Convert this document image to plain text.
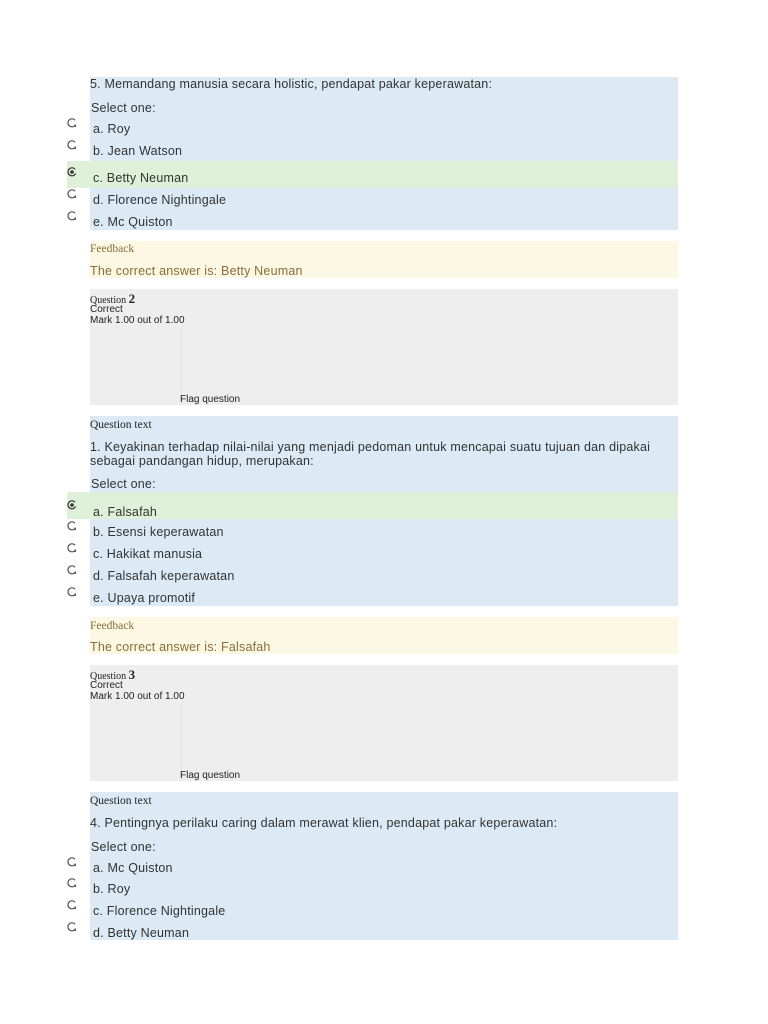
5. Memandang manusia secara holistic, pendapat pakar keperawatan:
Select one:
a. Roy
b. Jean Watson
c. Betty Neuman
d. Florence Nightingale
e. Mc Quiston
Feedback
The correct answer is: Betty Neuman
Question 2
Correct
Mark 1.00 out of 1.00
Flag question
Question text
1. Keyakinan terhadap nilai-nilai yang menjadi pedoman untuk mencapai suatu tujuan dan dipakai
sebagai pandangan hidup, merupakan:
Select one:
a. Falsafah
b. Esensi keperawatan
c. Hakikat manusia
d. Falsafah keperawatan
e. Upaya promotif
Feedback
The correct answer is: Falsafah
Question 3
Correct
Mark 1.00 out of 1.00
Flag question
Question text
4. Pentingnya perilaku caring dalam merawat klien, pendapat pakar keperawatan:
Select one:
a. Mc Quiston
b. Roy
c. Florence Nightingale
d. Betty Neuman
